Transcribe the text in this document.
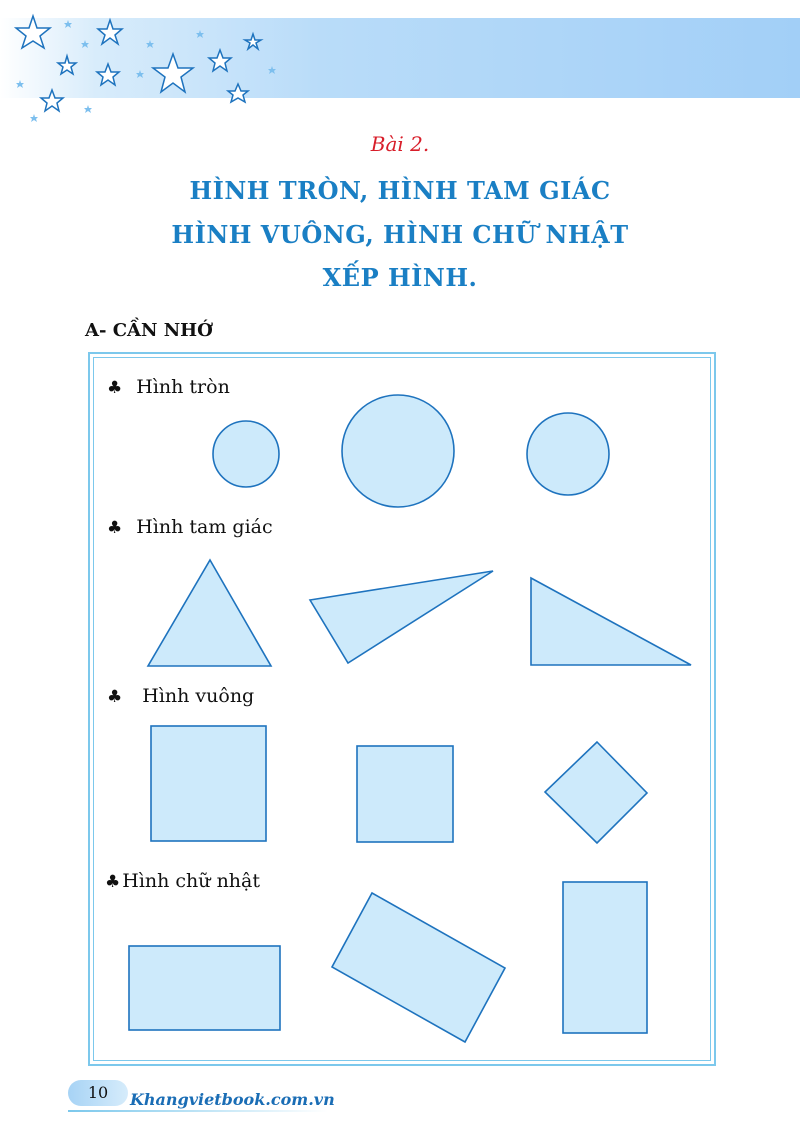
Bài 2.
HÌNH TRÒN, HÌNH TAM GIÁC
HÌNH VUÔNG, HÌNH CHỮ NHẬT
XẾP HÌNH.
A- CẦN NHỚ
♣ Hình tròn
♣ Hình tam giác
♣ Hình vuông
♣ Hình chữ nhật
10	Khangvietbook.com.vn
